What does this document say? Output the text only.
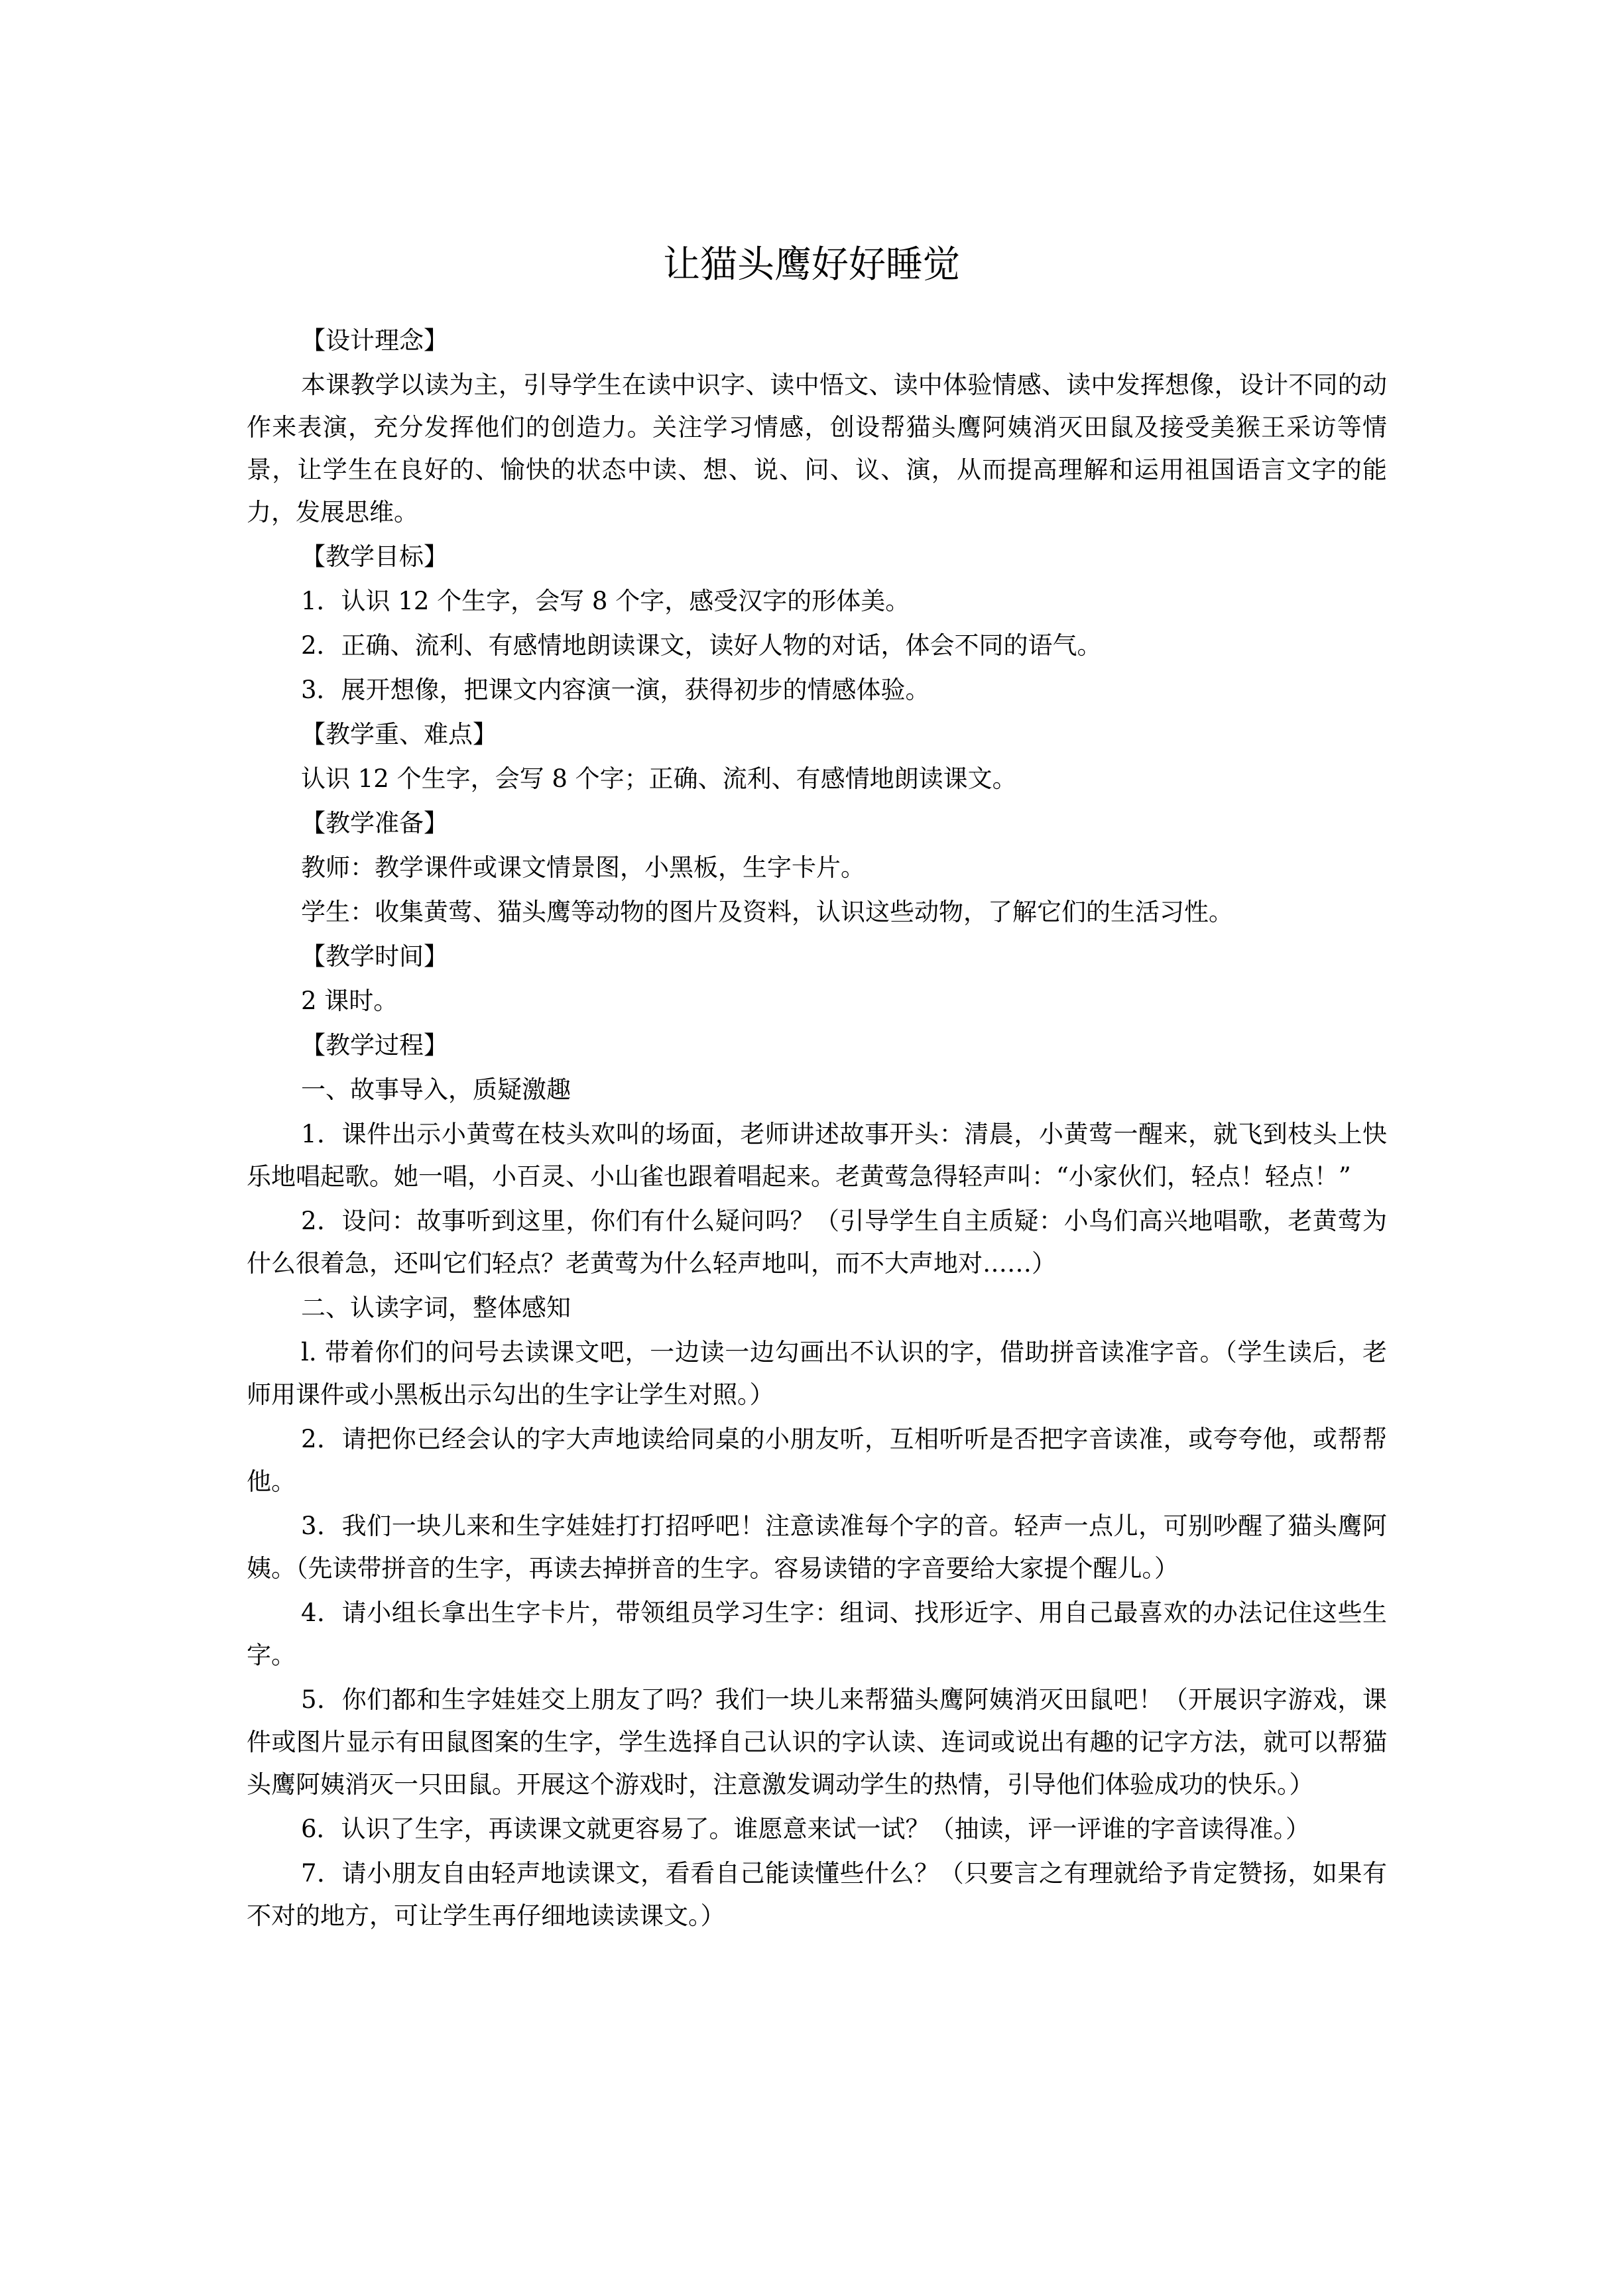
让猫头鹰好好睡觉

【设计理念】

本课教学以读为主，引导学生在读中识字、读中悟文、读中体验情感、读中发挥想像，设计不同的动作来表演，充分发挥他们的创造力。关注学习情感，创设帮猫头鹰阿姨消灭田鼠及接受美猴王采访等情景，让学生在良好的、愉快的状态中读、想、说、问、议、演，从而提高理解和运用祖国语言文字的能力，发展思维。

【教学目标】

1．认识 12 个生字，会写 8 个字，感受汉字的形体美。

2．正确、流利、有感情地朗读课文，读好人物的对话，体会不同的语气。

3．展开想像，把课文内容演一演，获得初步的情感体验。

【教学重、难点】

认识 12 个生字，会写 8 个字；正确、流利、有感情地朗读课文。

【教学准备】

教师：教学课件或课文情景图，小黑板，生字卡片。

学生：收集黄莺、猫头鹰等动物的图片及资料，认识这些动物，了解它们的生活习性。

【教学时间】

2 课时。

【教学过程】

一、故事导入，质疑激趣

1．课件出示小黄莺在枝头欢叫的场面，老师讲述故事开头：清晨，小黄莺一醒来，就飞到枝头上快乐地唱起歌。她一唱，小百灵、小山雀也跟着唱起来。老黄莺急得轻声叫：“小家伙们，轻点！轻点！”

2．设问：故事听到这里，你们有什么疑问吗？（引导学生自主质疑：小鸟们高兴地唱歌，老黄莺为什么很着急，还叫它们轻点？老黄莺为什么轻声地叫，而不大声地对……）

二、认读字词，整体感知

l. 带着你们的问号去读课文吧，一边读一边勾画出不认识的字，借助拼音读准字音。（学生读后，老师用课件或小黑板出示勾出的生字让学生对照。）

2．请把你已经会认的字大声地读给同桌的小朋友听，互相听听是否把字音读准，或夸夸他，或帮帮他。

3．我们一块儿来和生字娃娃打打招呼吧！注意读准每个字的音。轻声一点儿，可别吵醒了猫头鹰阿姨。（先读带拼音的生字，再读去掉拼音的生字。容易读错的字音要给大家提个醒儿。）

4．请小组长拿出生字卡片，带领组员学习生字：组词、找形近字、用自己最喜欢的办法记住这些生字。

5．你们都和生字娃娃交上朋友了吗？我们一块儿来帮猫头鹰阿姨消灭田鼠吧！（开展识字游戏，课件或图片显示有田鼠图案的生字，学生选择自己认识的字认读、连词或说出有趣的记字方法，就可以帮猫头鹰阿姨消灭一只田鼠。开展这个游戏时，注意激发调动学生的热情，引导他们体验成功的快乐。）

6．认识了生字，再读课文就更容易了。谁愿意来试一试？（抽读，评一评谁的字音读得准。）

7．请小朋友自由轻声地读课文，看看自己能读懂些什么？（只要言之有理就给予肯定赞扬，如果有不对的地方，可让学生再仔细地读读课文。）
